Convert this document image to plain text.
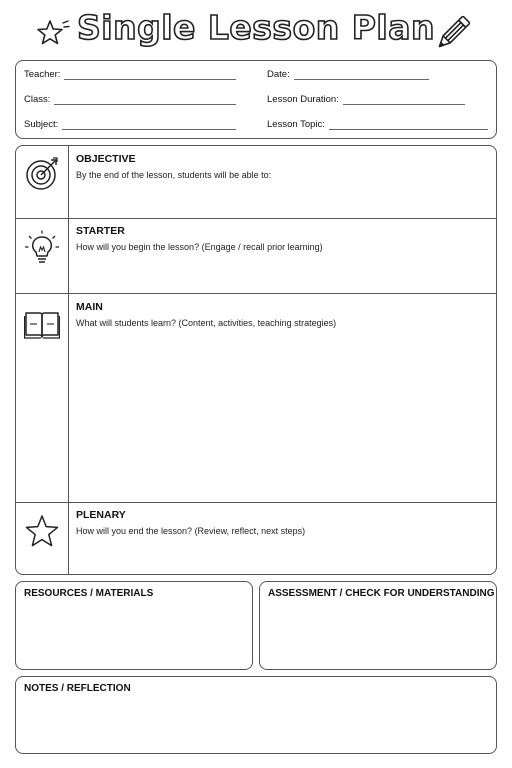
Single Lesson Plan
Teacher:	Date:
Class:	Lesson Duration:
Subject:	Lesson Topic:
OBJECTIVE
By the end of the lesson, students will be able to:
STARTER
How will you begin the lesson? (Engage / recall prior learning)
MAIN
What will students learn? (Content, activities, teaching strategies)
PLENARY
How will you end the lesson? (Review, reflect, next steps)
RESOURCES / MATERIALS	ASSESSMENT / CHECK FOR UNDERSTANDING
NOTES / REFLECTION
